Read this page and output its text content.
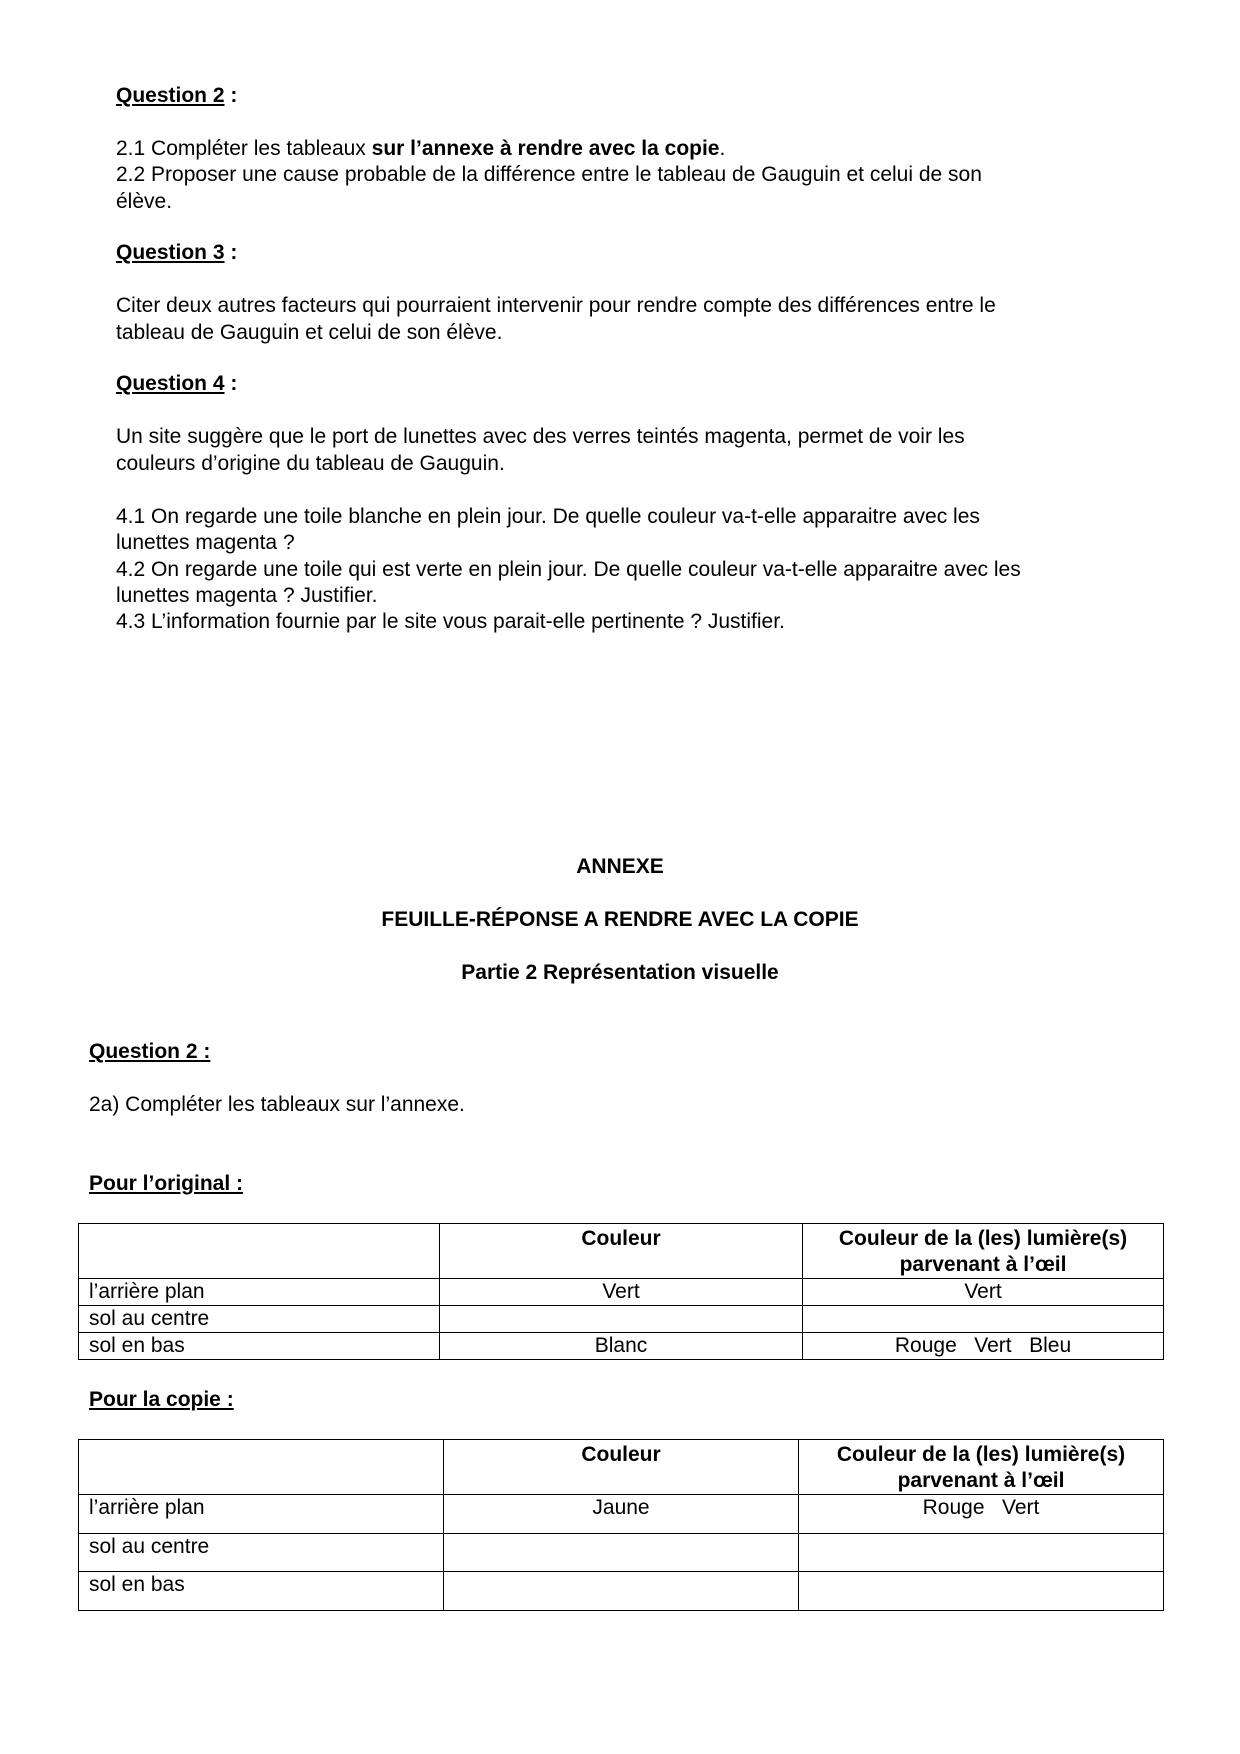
Question 2 :
2.1 Compléter les tableaux sur l’annexe à rendre avec la copie.
2.2 Proposer une cause probable de la différence entre le tableau de Gauguin et celui de son
élève.
Question 3 :
Citer deux autres facteurs qui pourraient intervenir pour rendre compte des différences entre le
tableau de Gauguin et celui de son élève.
Question 4 :
Un site suggère que le port de lunettes avec des verres teintés magenta, permet de voir les
couleurs d’origine du tableau de Gauguin.
4.1 On regarde une toile blanche en plein jour. De quelle couleur va-t-elle apparaitre avec les
lunettes magenta ?
4.2 On regarde une toile qui est verte en plein jour. De quelle couleur va-t-elle apparaitre avec les
lunettes magenta ? Justifier.
4.3 L’information fournie par le site vous parait-elle pertinente ? Justifier.
ANNEXE
FEUILLE-RÉPONSE A RENDRE AVEC LA COPIE
Partie 2 Représentation visuelle
Question 2 :
2a) Compléter les tableaux sur l’annexe.
Pour l’original :
	Couleur	Couleur de la (les) lumière(s)
parvenant à l’œil
l’arrière plan	Vert	Vert
sol au centre		
sol en bas	Blanc	Rouge   Vert   Bleu
Pour la copie :
	Couleur	Couleur de la (les) lumière(s)
parvenant à l’œil
l’arrière plan	Jaune	Rouge   Vert
sol au centre		
sol en bas		
